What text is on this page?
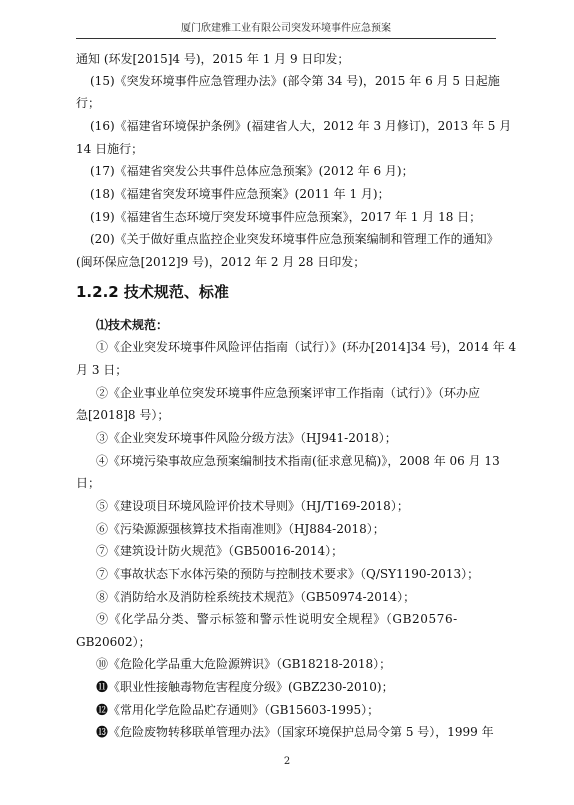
厦门欣建雅工业有限公司突发环境事件应急预案
通知 (环发[2015]4 号)，2015 年 1 月 9 日印发；
(15)《突发环境事件应急管理办法》(部令第 34 号)，2015 年 6 月 5 日起施
行；
(16)《福建省环境保护条例》(福建省人大，2012 年 3 月修订)，2013 年 5 月
14 日施行；
(17)《福建省突发公共事件总体应急预案》(2012 年 6 月)；
(18)《福建省突发环境事件应急预案》(2011 年 1 月)；
(19)《福建省生态环境厅突发环境事件应急预案》，2017 年 1 月 18 日；
(20)《关于做好重点监控企业突发环境事件应急预案编制和管理工作的通知》
(闽环保应急[2012]9 号)，2012 年 2 月 28 日印发；
1.2.2 技术规范、标准
⑴技术规范：
①《企业突发环境事件风险评估指南（试行）》(环办[2014]34 号)，2014 年 4
月 3 日；
②《企业事业单位突发环境事件应急预案评审工作指南（试行）》（环办应
急[2018]8 号）；
③《企业突发环境事件风险分级方法》（HJ941-2018）；
④《环境污染事故应急预案编制技术指南(征求意见稿)》，2008 年 06 月 13
日；
⑤《建设项目环境风险评价技术导则》（HJ/T169-2018）；
⑥《污染源源强核算技术指南准则》（HJ884-2018）；
⑦《建筑设计防火规范》（GB50016-2014）；
⑦《事故状态下水体污染的预防与控制技术要求》（Q/SY1190-2013）；
⑧《消防给水及消防栓系统技术规范》（GB50974-2014）；
⑨《化学品分类、警示标签和警示性说明安全规程》（GB20576-
GB20602）；
⑩《危险化学品重大危险源辨识》（GB18218-2018）；
⓫《职业性接触毒物危害程度分级》(GBZ230-2010)；
⓬《常用化学危险品贮存通则》（GB15603-1995）；
⓭《危险废物转移联单管理办法》（国家环境保护总局令第 5 号），1999 年
2
